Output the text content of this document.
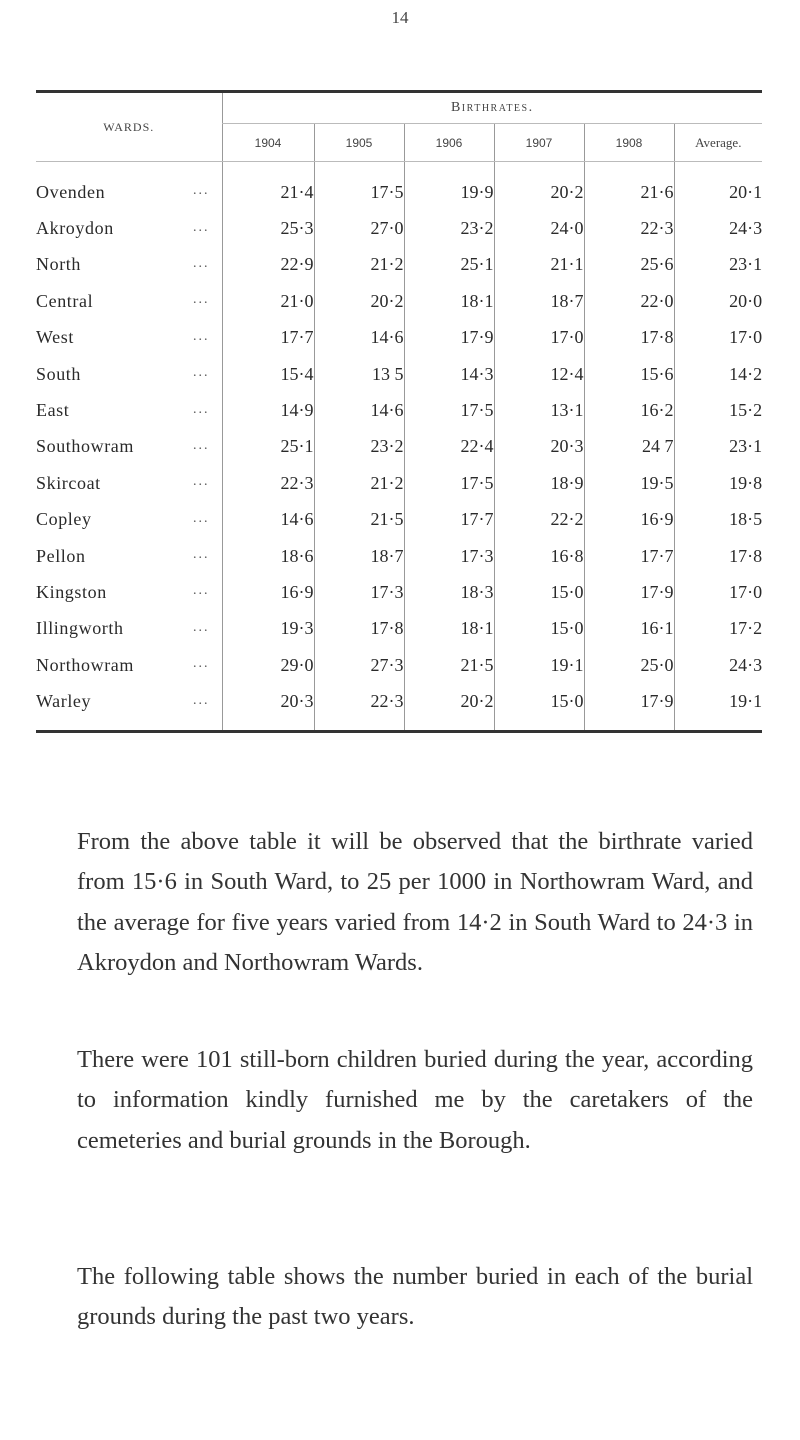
14
WARDS.	Birthrates.					
	1904	1905	1906	1907	1908	Average.

Ovenden ...	21·4	17·5	19·9	20·2	21·6	20·1
Akroydon ...	25·3	27·0	23·2	24·0	22·3	24·3
North ...	22·9	21·2	25·1	21·1	25·6	23·1
Central ...	21·0	20·2	18·1	18·7	22·0	20·0
West ...	17·7	14·6	17·9	17·0	17·8	17·0
South ...	15·4	13 5	14·3	12·4	15·6	14·2
East ...	14·9	14·6	17·5	13·1	16·2	15·2
Southowram ...	25·1	23·2	22·4	20·3	24 7	23·1
Skircoat ...	22·3	21·2	17·5	18·9	19·5	19·8
Copley ...	14·6	21·5	17·7	22·2	16·9	18·5
Pellon ...	18·6	18·7	17·3	16·8	17·7	17·8
Kingston ...	16·9	17·3	18·3	15·0	17·9	17·0
Illingworth ...	19·3	17·8	18·1	15·0	16·1	17·2
Northowram ...	29·0	27·3	21·5	19·1	25·0	24·3
Warley ...	20·3	22·3	20·2	15·0	17·9	19·1

From the above table it will be observed that the birthrate varied from 15·6 in South Ward, to 25 per 1000 in Northowram Ward, and the average for five years varied from 14·2 in South Ward to 24·3 in Akroydon and Northowram Wards.

There were 101 still-born children buried during the year, according to information kindly furnished me by the caretakers of the cemeteries and burial grounds in the Borough.

The following table shows the number buried in each of the burial grounds during the past two years.
